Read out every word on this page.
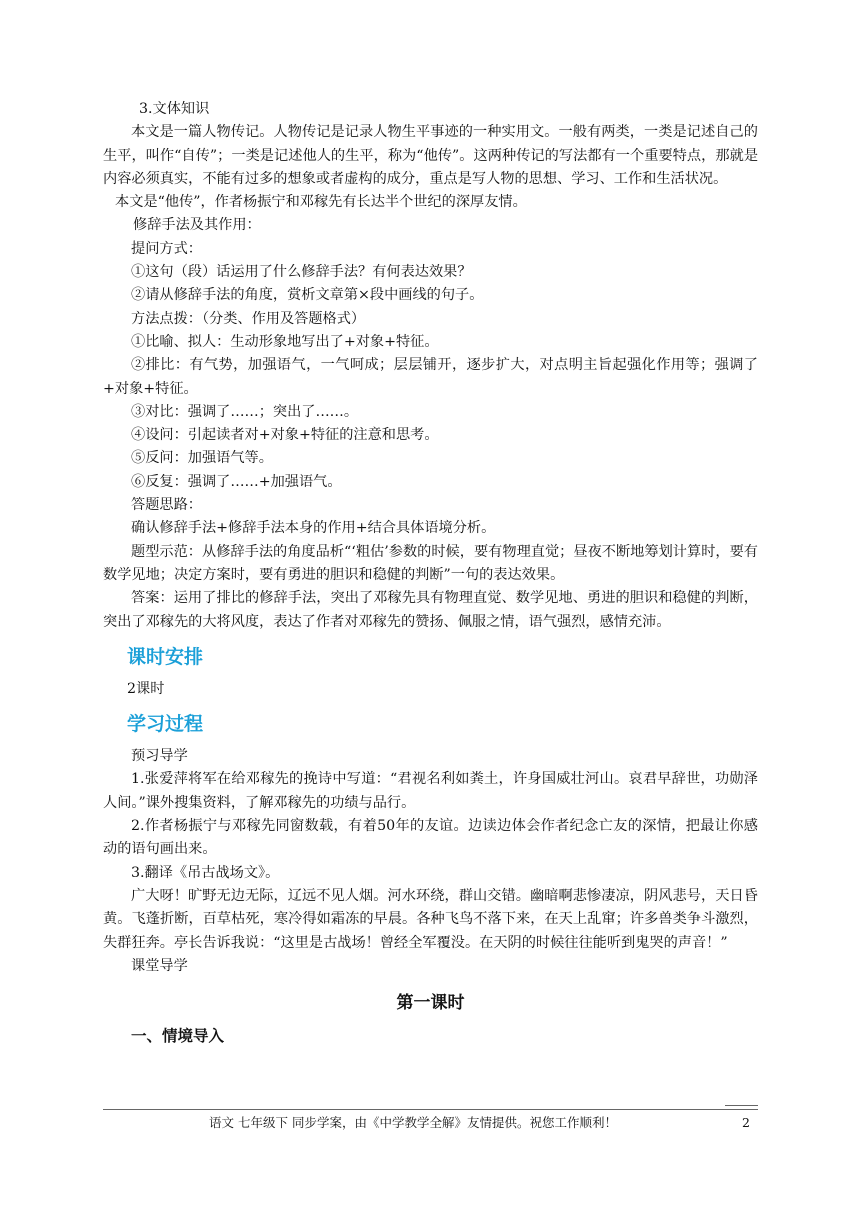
3.文体知识

本文是一篇人物传记。人物传记是记录人物生平事迹的一种实用文。一般有两类，一类是记述自己的生平，叫作“自传”；一类是记述他人的生平，称为“他传”。这两种传记的写法都有一个重要特点，那就是内容必须真实，不能有过多的想象或者虚构的成分，重点是写人物的思想、学习、工作和生活状况。

本文是“他传”，作者杨振宁和邓稼先有长达半个世纪的深厚友情。

修辞手法及其作用：

提问方式：

①这句（段）话运用了什么修辞手法？有何表达效果？

②请从修辞手法的角度，赏析文章第×段中画线的句子。

方法点拨：（分类、作用及答题格式）

①比喻、拟人：生动形象地写出了+对象+特征。

②排比：有气势，加强语气，一气呵成；层层铺开，逐步扩大，对点明主旨起强化作用等；强调了+对象+特征。

③对比：强调了……；突出了……。

④设问：引起读者对+对象+特征的注意和思考。

⑤反问：加强语气等。

⑥反复：强调了……+加强语气。

答题思路：

确认修辞手法+修辞手法本身的作用+结合具体语境分析。

题型示范：从修辞手法的角度品析“‘粗估’参数的时候，要有物理直觉；昼夜不断地筹划计算时，要有数学见地；决定方案时，要有勇进的胆识和稳健的判断”一句的表达效果。

答案：运用了排比的修辞手法，突出了邓稼先具有物理直觉、数学见地、勇进的胆识和稳健的判断，突出了邓稼先的大将风度，表达了作者对邓稼先的赞扬、佩服之情，语气强烈，感情充沛。

课时安排

2课时

学习过程

预习导学

1.张爱萍将军在给邓稼先的挽诗中写道：“君视名利如粪土，许身国威壮河山。哀君早辞世，功勋泽人间。”课外搜集资料，了解邓稼先的功绩与品行。

2.作者杨振宁与邓稼先同窗数载，有着50年的友谊。边读边体会作者纪念亡友的深情，把最让你感动的语句画出来。

3.翻译《吊古战场文》。

广大呀！旷野无边无际，辽远不见人烟。河水环绕，群山交错。幽暗啊悲惨凄凉，阴风悲号，天日昏黄。飞蓬折断，百草枯死，寒冷得如霜冻的早晨。各种飞鸟不落下来，在天上乱窜；许多兽类争斗激烈，失群狂奔。亭长告诉我说：“这里是古战场！曾经全军覆没。在天阴的时候往往能听到鬼哭的声音！”

课堂导学

第一课时
一、情境导入
语文 七年级下 同步学案，由《中学教学全解》友情提供。祝您工作顺利！	2
